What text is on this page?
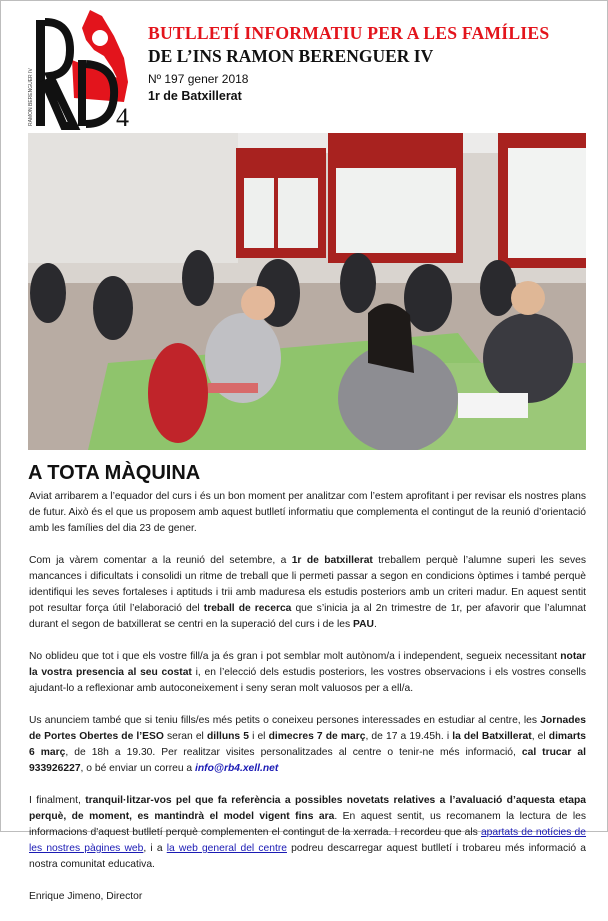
4
RAMON BERENGUER IV
BUTLLETÍ INFORMATIU PER A LES FAMÍLIES
DE L’INS RAMON BERENGUER IV
Nº 197 gener 2018
1r de Batxillerat
A TOTA MÀQUINA

Aviat arribarem a l’equador del curs i és un bon moment per analitzar com l’estem aprofitant i per revisar els nostres plans de futur. Això és el que us proposem amb aquest butlletí informatiu que complementa el contingut de la reunió d’orientació amb les famílies del dia 23 de gener.

Com ja vàrem comentar a la reunió del setembre, a 1r de batxillerat treballem perquè l’alumne superi les seves mancances i dificultats i consolidi un ritme de treball que li permeti passar a segon en condicions òptimes i també perquè identifiqui les seves fortaleses i aptituds i trii amb maduresa els estudis posteriors amb un criteri madur. En aquest sentit pot resultar força útil l’elaboració del treball de recerca que s’inicia ja al 2n trimestre de 1r, per afavorir que l’alumnat durant el segon de batxillerat se centri en la superació del curs i de les PAU.

No oblideu que tot i que els vostre fill/a ja és gran i pot semblar molt autònom/a i independent, segueix necessitant notar la vostra presencia al seu costat i, en l’elecció dels estudis posteriors, les vostres observacions i els vostres consells ajudant-lo a reflexionar amb autoconeixement i seny seran molt valuosos per a ell/a.

Us anunciem també que si teniu fills/es més petits o coneixeu persones interessades en estudiar al centre, les Jornades de Portes Obertes de l’ESO seran el dilluns 5 i el dimecres 7 de març, de 17 a 19.45h. i la del Batxillerat, el dimarts 6 març, de 18h a 19.30. Per realitzar visites personalitzades al centre o tenir-ne més informació, cal trucar al 933926227, o bé enviar un correu a info@rb4.xell.net

I finalment, tranquil·litzar-vos pel que fa referència a possibles novetats relatives a l’avaluació d’aquesta etapa perquè, de moment, es mantindrà el model vigent fins ara. En aquest sentit, us recomanem la lectura de les informacions d'aquest butlletí perquè complementen el contingut de la xerrada. I recordeu que als apartats de notícies de les nostres pàgines web, i a la web general del centre podreu descarregar aquest butlletí i trobareu més informació a nostra comunitat educativa.

Enrique Jimeno, Director
